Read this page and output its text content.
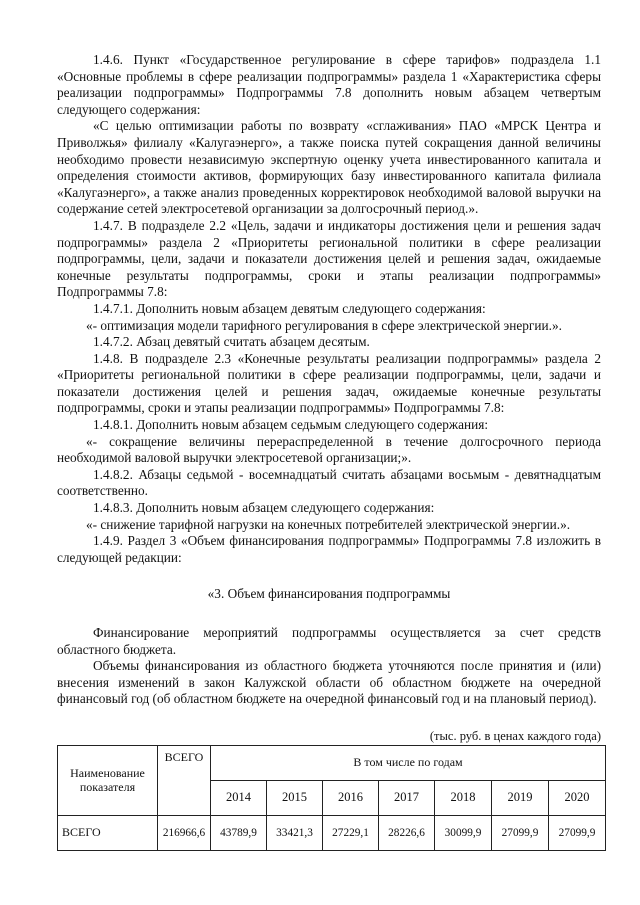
1.4.6. Пункт «Государственное регулирование в сфере тарифов» подраздела 1.1 «Основные проблемы в сфере реализации подпрограммы» раздела 1 «Характеристика сферы реализации подпрограммы» Подпрограммы 7.8 дополнить новым абзацем четвертым следующего содержания:

«С целью оптимизации работы по возврату «сглаживания» ПАО «МРСК Центра и Приволжья» филиалу «Калугаэнерго», а также поиска путей сокращения данной величины необходимо провести независимую экспертную оценку учета инвестированного капитала и определения стоимости активов, формирующих базу инвестированного капитала филиала «Калугаэнерго», а также анализ проведенных корректировок необходимой валовой выручки на содержание сетей электросетевой организации за долгосрочный период.».

1.4.7. В подразделе 2.2 «Цель, задачи и индикаторы достижения цели и решения задач подпрограммы» раздела 2 «Приоритеты региональной политики в сфере реализации подпрограммы, цели, задачи и показатели достижения целей и решения задач, ожидаемые конечные результаты подпрограммы, сроки и этапы реализации подпрограммы» Подпрограммы 7.8:

1.4.7.1. Дополнить новым абзацем девятым следующего содержания:

«- оптимизация модели тарифного регулирования в сфере электрической энергии.».

1.4.7.2. Абзац девятый считать абзацем десятым.

1.4.8. В подразделе 2.3 «Конечные результаты реализации подпрограммы» раздела 2 «Приоритеты региональной политики в сфере реализации подпрограммы, цели, задачи и показатели достижения целей и решения задач, ожидаемые конечные результаты подпрограммы, сроки и этапы реализации подпрограммы» Подпрограммы 7.8:

1.4.8.1. Дополнить новым абзацем седьмым следующего содержания:

«- сокращение величины перераспределенной в течение долгосрочного периода необходимой валовой выручки электросетевой организации;».

1.4.8.2. Абзацы седьмой - восемнадцатый считать абзацами восьмым - девятнадцатым соответственно.

1.4.8.3. Дополнить новым абзацем следующего содержания:

«- снижение тарифной нагрузки на конечных потребителей электрической энергии.».

1.4.9. Раздел 3 «Объем финансирования подпрограммы» Подпрограммы 7.8 изложить в следующей редакции:

«3. Объем финансирования подпрограммы

Финансирование мероприятий подпрограммы осуществляется за счет средств областного бюджета.

Объемы финансирования из областного бюджета уточняются после принятия и (или) внесения изменений в закон Калужской области об областном бюджете на очередной финансовый год (об областном бюджете на очередной финансовый год и на плановый период).

(тыс. руб. в ценах каждого года)
Наименование показателя	ВСЕГО	В том числе по годам						
		2014	2015	2016	2017	2018	2019	2020
ВСЕГО	216966,6	43789,9	33421,3	27229,1	28226,6	30099,9	27099,9	27099,9
